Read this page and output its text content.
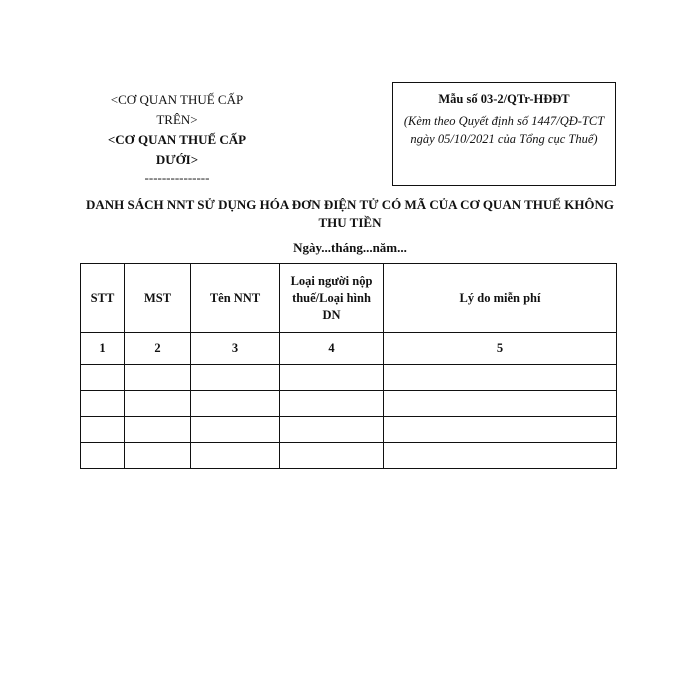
<CƠ QUAN THUẾ CẤP TRÊN>
<CƠ QUAN THUẾ CẤP DƯỚI>
---------------
Mẫu số 03-2/QTr-HĐĐT
(Kèm theo Quyết định số 1447/QĐ-TCT ngày 05/10/2021 của Tổng cục Thuế)
DANH SÁCH NNT SỬ DỤNG HÓA ĐƠN ĐIỆN TỬ CÓ MÃ CỦA CƠ QUAN THUẾ KHÔNG THU TIỀN
Ngày...tháng...năm...
STT	MST	Tên NNT	Loại người nộp thuế/Loại hình DN	Lý do miễn phí
1	2	3	4	5
